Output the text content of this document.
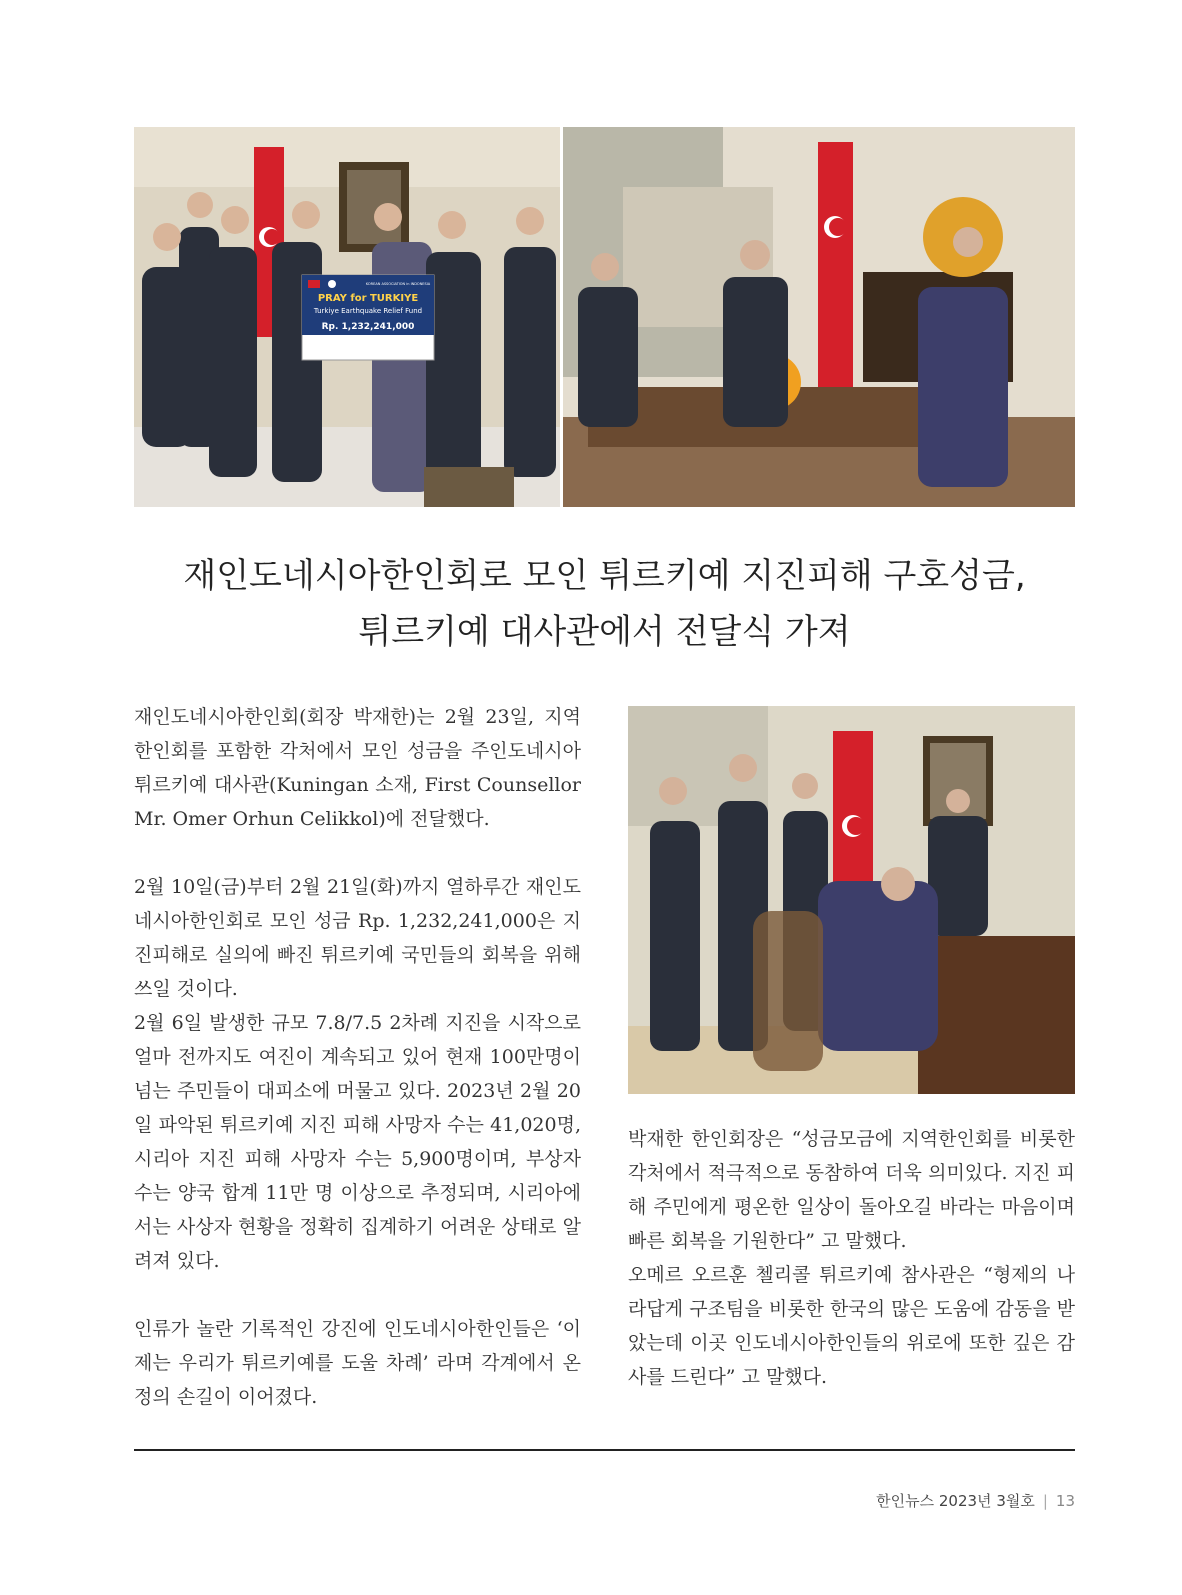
KOREAN ASSOCIATION in INDONESIA
PRAY for TURKIYE
Turkiye Earthquake Relief Fund
Rp. 1,232,241,000
재인도네시아한인회로 모인 튀르키예 지진피해 구호성금,
튀르키예 대사관에서 전달식 가져

재인도네시아한인회(회장 박재한)는 2월 23일, 지역한인회를 포함한 각처에서 모인 성금을 주인도네시아튀르키예 대사관(Kuningan 소재, First Counsellor Mr. Omer Orhun Celikkol)에 전달했다.

2월 10일(금)부터 2월 21일(화)까지 열하루간 재인도네시아한인회로 모인 성금 Rp. 1,232,241,000은 지진피해로 실의에 빠진 튀르키예 국민들의 회복을 위해 쓰일 것이다.

2월 6일 발생한 규모 7.8/7.5 2차례 지진을 시작으로 얼마 전까지도 여진이 계속되고 있어 현재 100만명이 넘는 주민들이 대피소에 머물고 있다. 2023년 2월 20일 파악된 튀르키예 지진 피해 사망자 수는 41,020명, 시리아 지진 피해 사망자 수는 5,900명이며, 부상자 수는 양국 합계 11만 명 이상으로 추정되며, 시리아에서는 사상자 현황을 정확히 집계하기 어려운 상태로 알려져 있다.

인류가 놀란 기록적인 강진에 인도네시아한인들은 ‘이제는 우리가 튀르키예를 도울 차례’ 라며 각계에서 온정의 손길이 이어졌다.

박재한 한인회장은 “성금모금에 지역한인회를 비롯한 각처에서 적극적으로 동참하여 더욱 의미있다. 지진 피해 주민에게 평온한 일상이 돌아오길 바라는 마음이며 빠른 회복을 기원한다” 고 말했다.

오메르 오르훈 첼리콜 튀르키예 참사관은 “형제의 나라답게 구조팀을 비롯한 한국의 많은 도움에 감동을 받았는데 이곳 인도네시아한인들의 위로에 또한 깊은 감사를 드린다” 고 말했다.

한인뉴스 2023년 3월호 | 13
